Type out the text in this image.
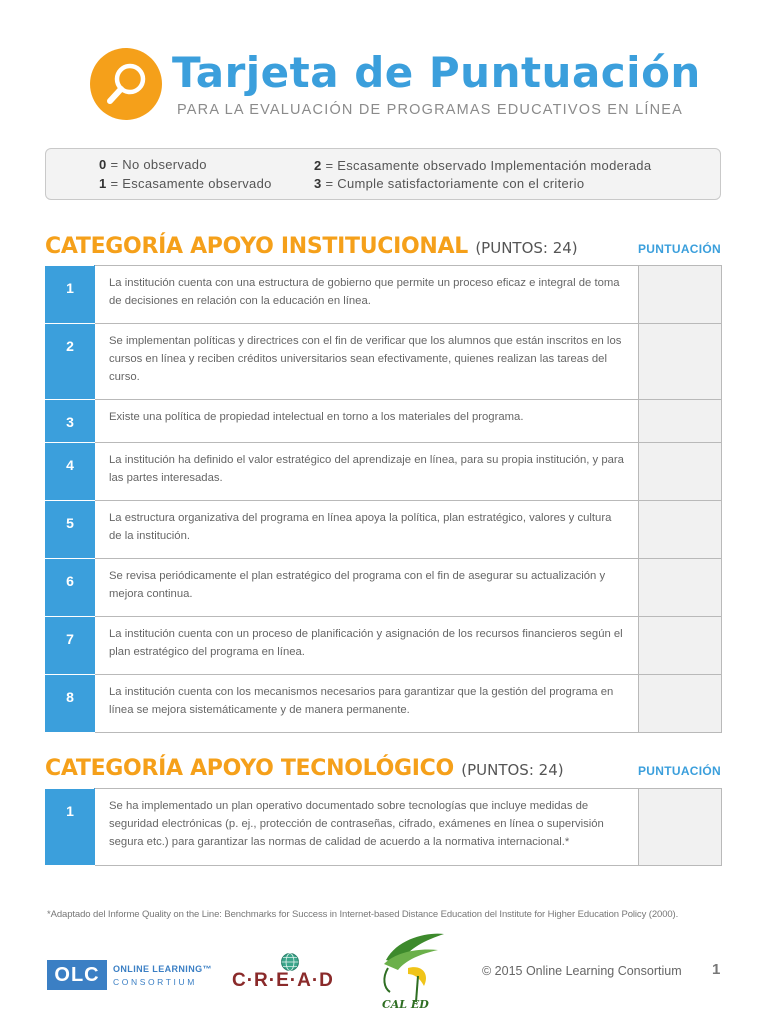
Tarjeta de Puntuación
PARA LA EVALUACIÓN DE PROGRAMAS EDUCATIVOS EN LÍNEA
0 = No observado
1 = Escasamente observado
2 = Escasamente observado Implementación moderada
3 = Cumple satisfactoriamente con el criterio
CATEGORÍA APOYO INSTITUCIONAL (PUNTOS: 24)	PUNTUACIÓN
1	La institución cuenta con una estructura de gobierno que permite un proceso eficaz e integral de toma de decisiones en relación con la educación en línea.	
2	Se implementan políticas y directrices con el fin de verificar que los alumnos que están inscritos en los cursos en línea y reciben créditos universitarios sean efectivamente, quienes realizan las tareas del curso.	
3	Existe una política de propiedad intelectual en torno a los materiales del programa.	
4	La institución ha definido el valor estratégico del aprendizaje en línea, para su propia institución, y para las partes interesadas.	
5	La estructura organizativa del programa en línea apoya la política, plan estratégico, valores y cultura de la institución.	
6	Se revisa periódicamente el plan estratégico del programa con el fin de asegurar su actualización y mejora continua.	
7	La institución cuenta con un proceso de planificación y asignación de los recursos financieros según el plan estratégico del programa en línea.	
8	La institución cuenta con los mecanismos necesarios para garantizar que la gestión del programa en línea se mejora sistemáticamente y de manera permanente.	
CATEGORÍA APOYO TECNOLÓGICO (PUNTOS: 24)	PUNTUACIÓN
1	Se ha implementado un plan operativo documentado sobre tecnologías que incluye medidas de seguridad electrónicas (p. ej., protección de contraseñas, cifrado, exámenes en línea o supervisión segura etc.) para garantizar las normas de calidad de acuerdo a la normativa internacional.*	
*Adaptado del Informe Quality on the Line: Benchmarks for Success in Internet-based Distance Education del Institute for Higher Education Policy (2000).
OLC	ONLINE LEARNING™
CONSORTIUM C·R·E·A·D
CAL ED
© 2015 Online Learning Consortium 1
